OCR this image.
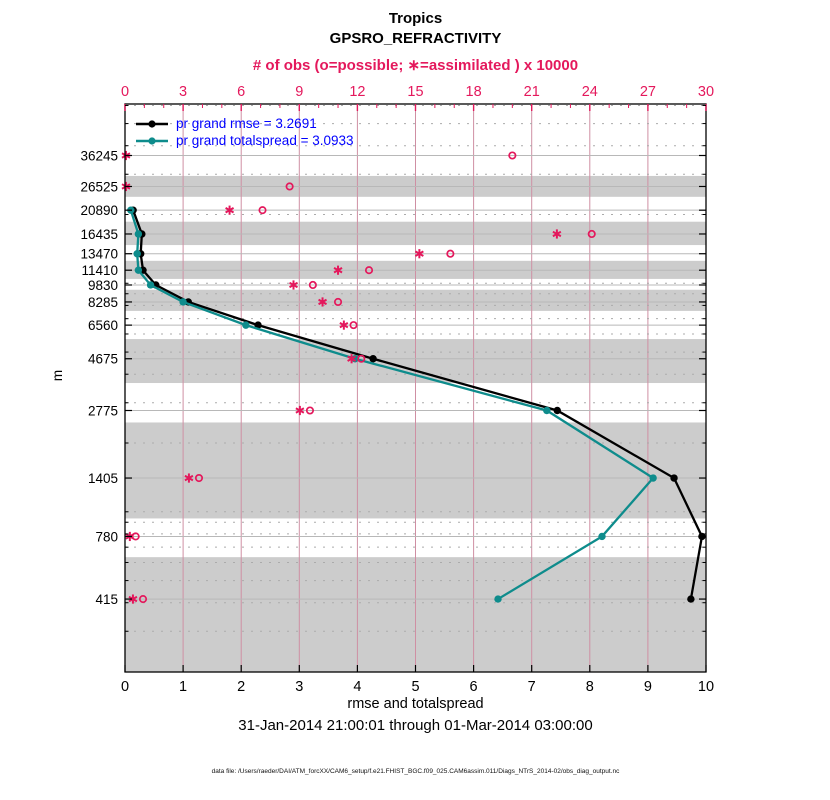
Tropics
GPSRO_REFRACTIVITY
# of obs (o=possible; ∗=assimilated ) x 10000
0	1	2	3	4	5	6	7	8	9	10
0	3	6	9	12	15	18	21	24	27	30
36245
26525
20890
16435
13470
11410
9830
8285
6560
4675
2775
1405
780
415
pr grand rmse = 3.2691
pr grand totalspread = 3.0933
m
rmse and totalspread
31-Jan-2014 21:00:01 through 01-Mar-2014 03:00:00
data file: /Users/raeder/DAI/ATM_forcXX/CAM6_setup/f.e21.FHIST_BGC.f09_025.CAM6assim.011/Diags_NTrS_2014-02/obs_diag_output.nc
